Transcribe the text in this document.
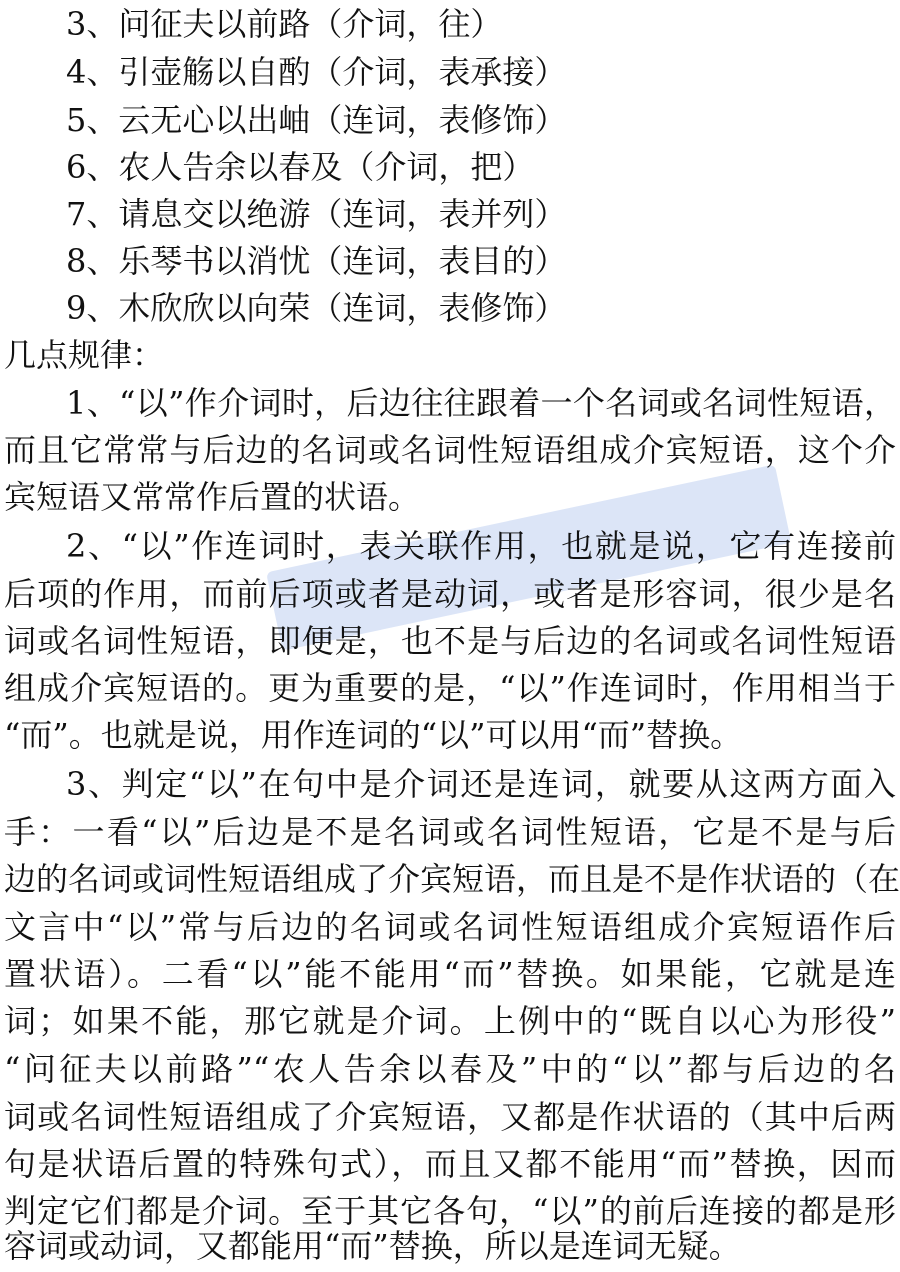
3、问征夫以前路（介词，往）
4、引壶觞以自酌（介词，表承接）
5、云无心以出岫（连词，表修饰）
6、农人告余以春及（介词，把）
7、请息交以绝游（连词，表并列）
8、乐琴书以消忧（连词，表目的）
9、木欣欣以向荣（连词，表修饰）
几点规律：
1、“以”作介词时，后边往往跟着一个名词或名词性短语，
而且它常常与后边的名词或名词性短语组成介宾短语，这个介
宾短语又常常作后置的状语。
2、“以”作连词时，表关联作用，也就是说，它有连接前
后项的作用，而前后项或者是动词，或者是形容词，很少是名
词或名词性短语，即便是，也不是与后边的名词或名词性短语
组成介宾短语的。更为重要的是，“以”作连词时，作用相当于
“而”。也就是说，用作连词的“以”可以用“而”替换。
3、判定“以”在句中是介词还是连词，就要从这两方面入
手：一看“以”后边是不是名词或名词性短语，它是不是与后
边的名词或词性短语组成了介宾短语，而且是不是作状语的（在
文言中“以”常与后边的名词或名词性短语组成介宾短语作后
置状语）。二看“以”能不能用“而”替换。如果能，它就是连
词；如果不能，那它就是介词。上例中的“既自以心为形役”
“问征夫以前路”“农人告余以春及”中的“以”都与后边的名
词或名词性短语组成了介宾短语，又都是作状语的（其中后两
句是状语后置的特殊句式），而且又都不能用“而”替换，因而
判定它们都是介词。至于其它各句，“以”的前后连接的都是形
容词或动词，又都能用“而”替换，所以是连词无疑。
